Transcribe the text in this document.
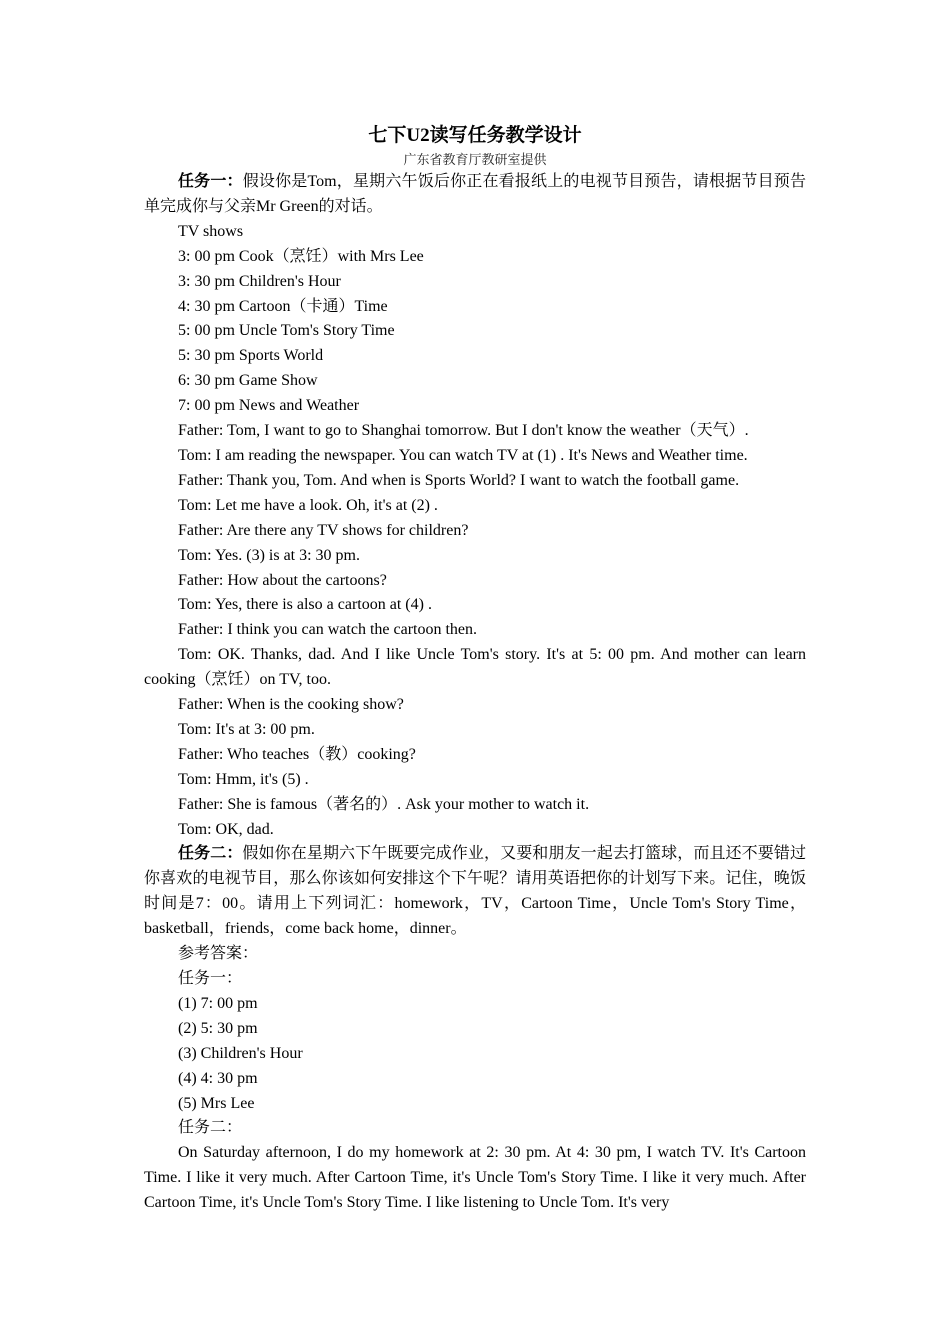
七下U2读写任务教学设计
广东省教育厅教研室提供

任务一：假设你是Tom，星期六午饭后你正在看报纸上的电视节目预告，请根据节目预告单完成你与父亲Mr Green的对话。

TV shows

3: 00 pm Cook（烹饪）with Mrs Lee

3: 30 pm Children's Hour

4: 30 pm Cartoon（卡通）Time

5: 00 pm Uncle Tom's Story Time

5: 30 pm Sports World

6: 30 pm Game Show

7: 00 pm News and Weather

Father: Tom, I want to go to Shanghai tomorrow. But I don't know the weather（天气）.

Tom: I am reading the newspaper. You can watch TV at (1) . It's News and Weather time.

Father: Thank you, Tom. And when is Sports World? I want to watch the football game.

Tom: Let me have a look. Oh, it's at (2) .

Father: Are there any TV shows for children?

Tom: Yes. (3) is at 3: 30 pm.

Father: How about the cartoons?

Tom: Yes, there is also a cartoon at (4) .

Father: I think you can watch the cartoon then.

Tom: OK. Thanks, dad. And I like Uncle Tom's story. It's at 5: 00 pm. And mother can learn cooking（烹饪）on TV, too.

Father: When is the cooking show?

Tom: It's at 3: 00 pm.

Father: Who teaches（教）cooking?

Tom: Hmm, it's (5) .

Father: She is famous（著名的）. Ask your mother to watch it.

Tom: OK, dad.

任务二：假如你在星期六下午既要完成作业，又要和朋友一起去打篮球，而且还不要错过你喜欢的电视节目，那么你该如何安排这个下午呢？请用英语把你的计划写下来。记住，晚饭时间是7：00。请用上下列词汇：homework，TV，Cartoon Time，Uncle Tom's Story Time，basketball，friends，come back home，dinner。

参考答案：

任务一：

(1) 7: 00 pm

(2) 5: 30 pm

(3) Children's Hour

(4) 4: 30 pm

(5) Mrs Lee

任务二：

On Saturday afternoon, I do my homework at 2: 30 pm. At 4: 30 pm, I watch TV. It's Cartoon Time. I like it very much. After Cartoon Time, it's Uncle Tom's Story Time. I like it very much. After Cartoon Time, it's Uncle Tom's Story Time. I like listening to Uncle Tom. It's very
